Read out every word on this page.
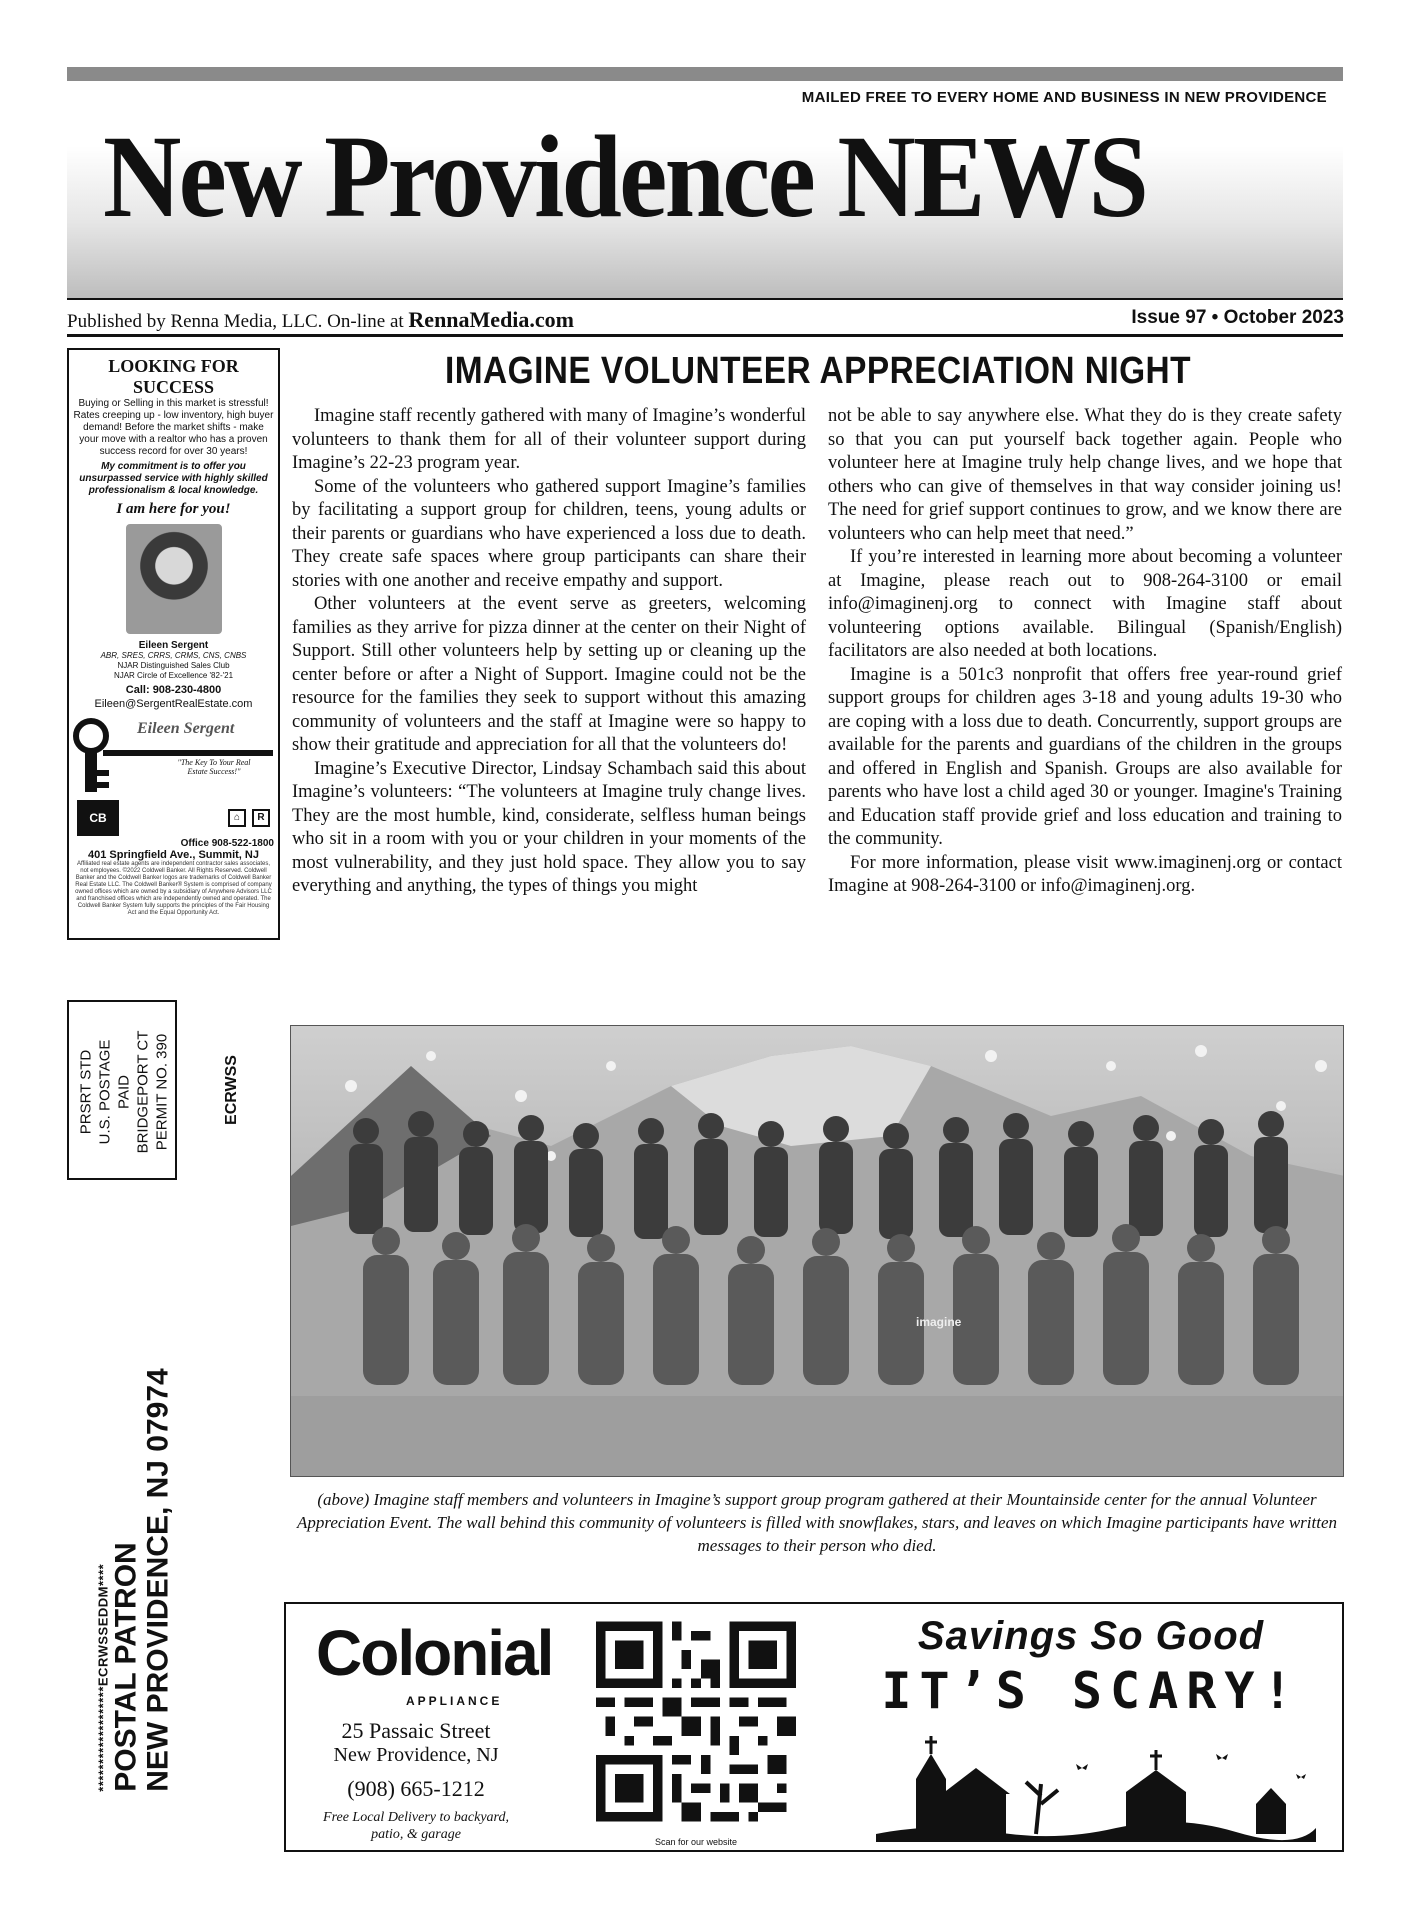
MAILED FREE TO EVERY HOME AND BUSINESS IN NEW PROVIDENCE
New Providence NEWS
Published by Renna Media, LLC. On-line at RennaMedia.com	Issue 97 • October 2023
LOOKING FOR SUCCESS
Buying or Selling in this market is stressful! Rates creeping up - low inventory, high buyer demand! Before the market shifts - make your move with a realtor who has a proven success record for over 30 years!
My commitment is to offer you unsurpassed service with highly skilled professionalism & local knowledge.
I am here for you!
Eileen Sergent
ABR, SRES, CRRS, CRMS, CNS, CNBS
NJAR Distinguished Sales Club
NJAR Circle of Excellence '82-'21
Call: 908-230-4800
Eileen@SergentRealEstate.com
Eileen Sergent
"The Key To Your Real Estate Success!"
CB	⌂	R
Office 908-522-1800
401 Springfield Ave., Summit, NJ
Affiliated real estate agents are independent contractor sales associates, not employees. ©2022 Coldwell Banker. All Rights Reserved. Coldwell Banker and the Coldwell Banker logos are trademarks of Coldwell Banker Real Estate LLC. The Coldwell Banker® System is comprised of company owned offices which are owned by a subsidiary of Anywhere Advisors LLC and franchised offices which are independently owned and operated. The Coldwell Banker System fully supports the principles of the Fair Housing Act and the Equal Opportunity Act.
PRSRT STD
U.S. POSTAGE
PAID
BRIDGEPORT CT
PERMIT NO. 390
ECRWSS
*******************ECRWSSEDDM**** POSTAL PATRON NEW PROVIDENCE, NJ 07974
IMAGINE VOLUNTEER APPRECIATION NIGHT

Imagine staff recently gathered with many of Imagine’s wonderful volunteers to thank them for all of their volunteer support during Imagine’s 22-23 program year.

Some of the volunteers who gathered support Imagine’s families by facilitating a support group for children, teens, young adults or their parents or guardians who have experienced a loss due to death. They create safe spaces where group participants can share their stories with one another and receive empathy and support.

Other volunteers at the event serve as greeters, welcoming families as they arrive for pizza dinner at the center on their Night of Support. Still other volunteers help by setting up or cleaning up the center before or after a Night of Support. Imagine could not be the resource for the families they seek to support without this amazing community of volunteers and the staff at Imagine were so happy to show their gratitude and appreciation for all that the volunteers do!

Imagine’s Executive Director, Lindsay Schambach said this about Imagine’s volunteers: “The volunteers at Imagine truly change lives. They are the most humble, kind, considerate, selfless human beings who sit in a room with you or your children in your moments of the most vulnerability, and they just hold space. They allow you to say everything and anything, the types of things you might

not be able to say anywhere else. What they do is they create safety so that you can put yourself back together again. People who volunteer here at Imagine truly help change lives, and we hope that others who can give of themselves in that way consider joining us! The need for grief support continues to grow, and we know there are volunteers who can help meet that need.”

If you’re interested in learning more about becoming a volunteer at Imagine, please reach out to 908-264-3100 or email info@imaginenj.org to connect with Imagine staff about volunteering options available. Bilingual (Spanish/English) facilitators are also needed at both locations.

Imagine is a 501c3 nonprofit that offers free year-round grief support groups for children ages 3-18 and young adults 19-30 who are coping with a loss due to death. Concurrently, support groups are available for the parents and guardians of the children in the groups and offered in English and Spanish. Groups are also available for parents who have lost a child aged 30 or younger. Imagine's Training and Education staff provide grief and loss education and training to the community.

For more information, please visit www.imaginenj.org or contact Imagine at 908-264-3100 or info@imaginenj.org.

imagine
(above) Imagine staff members and volunteers in Imagine’s support group program gathered at their Mountainside center for the annual Volunteer Appreciation Event. The wall behind this community of volunteers is filled with snowflakes, stars, and leaves on which Imagine participants have written messages to their person who died.
Colonial
APPLIANCE
25 Passaic Street
New Providence, NJ
(908) 665-1212
Free Local Delivery to backyard, patio, & garage	Scan for our website
Savings So Good
IT’S SCARY!
